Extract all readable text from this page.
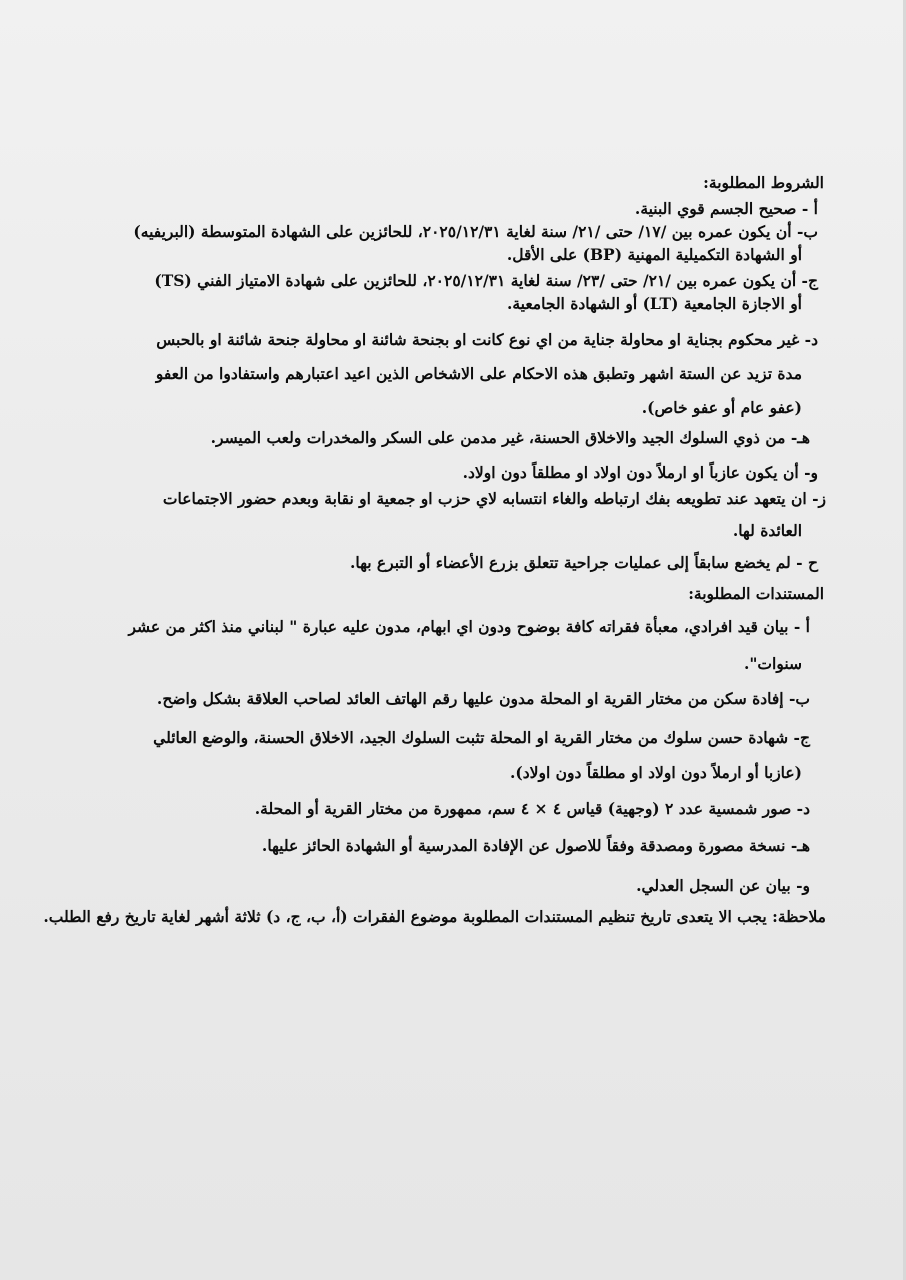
الشروط المطلوبة:
أ - صحيح الجسم قوي البنية.
ب- أن يكون عمره بين /١٧/ حتى /٢١/ سنة لغاية ٢٠٢٥/١٢/٣١، للحائزين على الشهادة المتوسطة (البريفيه)
أو الشهادة التكميلية المهنية (BP) على الأقل.
ج- أن يكون عمره بين /٢١/ حتى /٢٣/ سنة لغاية ٢٠٢٥/١٢/٣١، للحائزين على شهادة الامتياز الفني (TS)
أو الاجازة الجامعية (LT) أو الشهادة الجامعية.
د- غير محكوم بجناية او محاولة جناية من اي نوع كانت او بجنحة شائنة او محاولة جنحة شائنة او بالحبس
مدة تزيد عن الستة اشهر وتطبق هذه الاحكام على الاشخاص الذين اعيد اعتبارهم واستفادوا من العفو
(عفو عام أو عفو خاص).
هـ- من ذوي السلوك الجيد والاخلاق الحسنة، غير مدمن على السكر والمخدرات ولعب الميسر.
و- أن يكون عازباً او ارملاً دون اولاد او مطلقاً دون اولاد.
ز- ان يتعهد عند تطويعه بفك ارتباطه والغاء انتسابه لاي حزب او جمعية او نقابة وبعدم حضور الاجتماعات
العائدة لها.
ح - لم يخضع سابقاً إلى عمليات جراحية تتعلق بزرع الأعضاء أو التبرع بها.
المستندات المطلوبة:
أ - بيان قيد افرادي، معبأة فقراته كافة بوضوح ودون اي ابهام، مدون عليه عبارة " لبناني منذ اكثر من عشر
سنوات".
ب- إفادة سكن من مختار القرية او المحلة مدون عليها رقم الهاتف العائد لصاحب العلاقة بشكل واضح.
ج- شهادة حسن سلوك من مختار القرية او المحلة تثبت السلوك الجيد، الاخلاق الحسنة، والوضع العائلي
(عازبا أو ارملاً دون اولاد او مطلقاً دون اولاد).
د- صور شمسية عدد ٢ (وجهية) قياس ٤ × ٤ سم، ممهورة من مختار القرية أو المحلة.
هـ- نسخة مصورة ومصدقة وفقاً للاصول عن الإفادة المدرسية أو الشهادة الحائز عليها.
و- بيان عن السجل العدلي.
ملاحظة: يجب الا يتعدى تاريخ تنظيم المستندات المطلوبة موضوع الفقرات (أ، ب، ج، د) ثلاثة أشهر لغاية تاريخ رفع الطلب.
